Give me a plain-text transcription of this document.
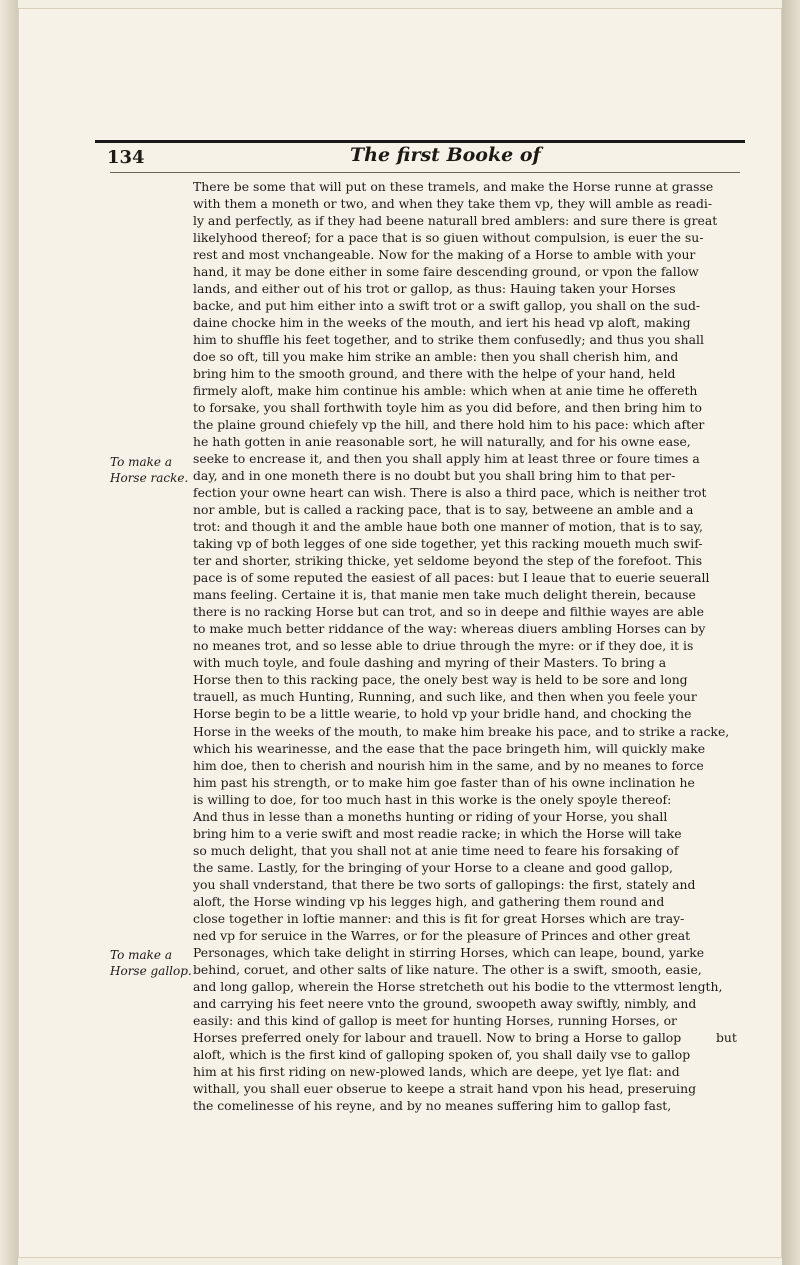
134	The first Booke of
To make a Horse racke.
To make a Horse gallop.
There be some that will put on these tramels, and make the Horse runne at grasse
with them a moneth or two, and when they take them vp, they will amble as readi-
ly and perfectly, as if they had beene naturall bred amblers: and sure there is great
likelyhood thereof; for a pace that is so giuen without compulsion, is euer the su-
rest and most vnchangeable. Now for the making of a Horse to amble with your
hand, it may be done either in some faire descending ground, or vpon the fallow
lands, and either out of his trot or gallop, as thus: Hauing taken your Horses
backe, and put him either into a swift trot or a swift gallop, you shall on the sud-
daine chocke him in the weeks of the mouth, and iert his head vp aloft, making
him to shuffle his feet together, and to strike them confusedly; and thus you shall
doe so oft, till you make him strike an amble: then you shall cherish him, and
bring him to the smooth ground, and there with the helpe of your hand, held
firmely aloft, make him continue his amble: which when at anie time he offereth
to forsake, you shall forthwith toyle him as you did before, and then bring him to
the plaine ground chiefely vp the hill, and there hold him to his pace: which after
he hath gotten in anie reasonable sort, he will naturally, and for his owne ease,
seeke to encrease it, and then you shall apply him at least three or foure times a
day, and in one moneth there is no doubt but you shall bring him to that per-
fection your owne heart can wish. There is also a third pace, which is neither trot
nor amble, but is called a racking pace, that is to say, betweene an amble and a
trot: and though it and the amble haue both one manner of motion, that is to say,
taking vp of both legges of one side together, yet this racking moueth much swif-
ter and shorter, striking thicke, yet seldome beyond the step of the forefoot. This
pace is of some reputed the easiest of all paces: but I leaue that to euerie seuerall
mans feeling. Certaine it is, that manie men take much delight therein, because
there is no racking Horse but can trot, and so in deepe and filthie wayes are able
to make much better riddance of the way: whereas diuers ambling Horses can by
no meanes trot, and so lesse able to driue through the myre: or if they doe, it is
with much toyle, and foule dashing and myring of their Masters. To bring a
Horse then to this racking pace, the onely best way is held to be sore and long
trauell, as much Hunting, Running, and such like, and then when you feele your
Horse begin to be a little wearie, to hold vp your bridle hand, and chocking the
Horse in the weeks of the mouth, to make him breake his pace, and to strike a racke,
which his wearinesse, and the ease that the pace bringeth him, will quickly make
him doe, then to cherish and nourish him in the same, and by no meanes to force
him past his strength, or to make him goe faster than of his owne inclination he
is willing to doe, for too much hast in this worke is the onely spoyle thereof:
And thus in lesse than a moneths hunting or riding of your Horse, you shall
bring him to a verie swift and most readie racke; in which the Horse will take
so much delight, that you shall not at anie time need to feare his forsaking of
the same. Lastly, for the bringing of your Horse to a cleane and good gallop,
you shall vnderstand, that there be two sorts of gallopings: the first, stately and
aloft, the Horse winding vp his legges high, and gathering them round and
close together in loftie manner: and this is fit for great Horses which are tray-
ned vp for seruice in the Warres, or for the pleasure of Princes and other great
Personages, which take delight in stirring Horses, which can leape, bound, yarke
behind, coruet, and other salts of like nature. The other is a swift, smooth, easie,
and long gallop, wherein the Horse stretcheth out his bodie to the vttermost length,
and carrying his feet neere vnto the ground, swoopeth away swiftly, nimbly, and
easily: and this kind of gallop is meet for hunting Horses, running Horses, or
Horses preferred onely for labour and trauell. Now to bring a Horse to gallop
aloft, which is the first kind of galloping spoken of, you shall daily vse to gallop
him at his first riding on new-plowed lands, which are deepe, yet lye flat: and
withall, you shall euer obserue to keepe a strait hand vpon his head, preseruing
the comelinesse of his reyne, and by no meanes suffering him to gallop fast,
but
